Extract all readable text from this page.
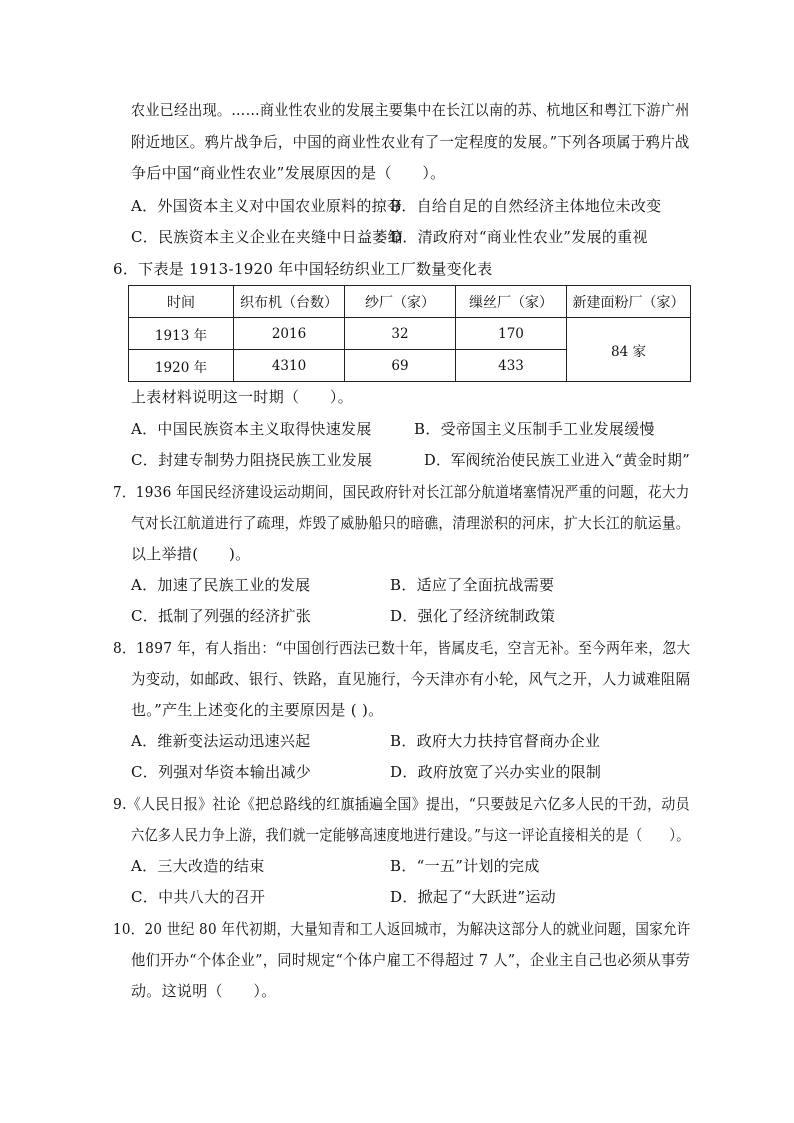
农业已经出现。……商业性农业的发展主要集中在长江以南的苏、杭地区和粤江下游广州
附近地区。鸦片战争后，中国的商业性农业有了一定程度的发展。”下列各项属于鸦片战
争后中国“商业性农业”发展原因的是（　　）。
A．外国资本主义对中国农业原料的掠夺
B．自给自足的自然经济主体地位未改变
C．民族资本主义企业在夹缝中日益萎缩
D．清政府对“商业性农业”发展的重视
6．下表是 1913-1920 年中国轻纺织业工厂数量变化表
时间	织布机（台数）	纱厂（家）	缫丝厂（家）	新建面粉厂（家）
1913 年	2016	32	170	84 家
1920 年	4310	69	433	
上表材料说明这一时期（　　）。
A．中国民族资本主义取得快速发展	B．受帝国主义压制手工业发展缓慢
C．封建专制势力阻挠民族工业发展	D．军阀统治使民族工业进入“黄金时期”
7．1936 年国民经济建设运动期间，国民政府针对长江部分航道堵塞情况严重的问题，花大力
气对长江航道进行了疏理，炸毁了威胁船只的暗礁，清理淤积的河床，扩大长江的航运量。
以上举措(　　)。
A．加速了民族工业的发展	B．适应了全面抗战需要
C．抵制了列强的经济扩张	D．强化了经济统制政策
8．1897 年，有人指出：“中国创行西法已数十年，皆属皮毛，空言无补。至今两年来，忽大
为变动，如邮政、银行、铁路，直见施行，今天津亦有小轮，风气之开，人力诚难阻隔
也。”产生上述变化的主要原因是 ( )。
A．维新变法运动迅速兴起	B．政府大力扶持官督商办企业
C．列强对华资本输出减少	D．政府放宽了兴办实业的限制
9.《人民日报》社论《把总路线的红旗插遍全国》提出，“只要鼓足六亿多人民的干劲，动员
六亿多人民力争上游，我们就一定能够高速度地进行建设。”与这一评论直接相关的是（　　）。
A．三大改造的结束	B．“一五”计划的完成
C．中共八大的召开	D．掀起了“大跃进”运动
10．20 世纪 80 年代初期，大量知青和工人返回城市，为解决这部分人的就业问题，国家允许
他们开办“个体企业”，同时规定“个体户雇工不得超过 7 人”，企业主自己也必须从事劳
动。这说明（　　）。
